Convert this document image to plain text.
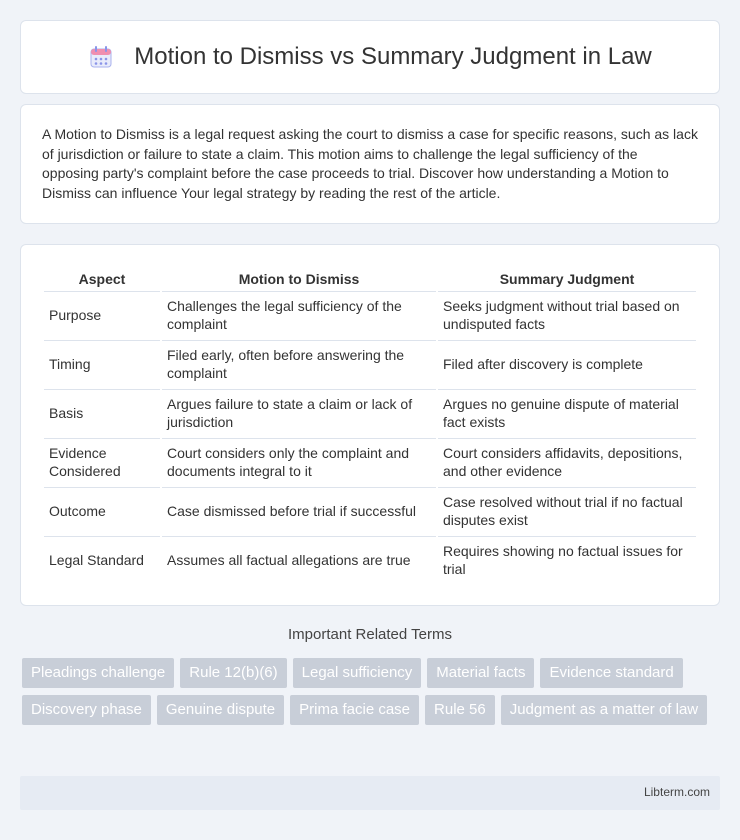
Motion to Dismiss vs Summary Judgment in Law

A Motion to Dismiss is a legal request asking the court to dismiss a case for specific reasons, such as lack of jurisdiction or failure to state a claim. This motion aims to challenge the legal sufficiency of the opposing party's complaint before the case proceeds to trial. Discover how understanding a Motion to Dismiss can influence Your legal strategy by reading the rest of the article.

Aspect	Motion to Dismiss	Summary Judgment
Purpose	Challenges the legal sufficiency of the complaint	Seeks judgment without trial based on undisputed facts
Timing	Filed early, often before answering the complaint	Filed after discovery is complete
Basis	Argues failure to state a claim or lack of jurisdiction	Argues no genuine dispute of material fact exists
Evidence Considered	Court considers only the complaint and documents integral to it	Court considers affidavits, depositions, and other evidence
Outcome	Case dismissed before trial if successful	Case resolved without trial if no factual disputes exist
Legal Standard	Assumes all factual allegations are true	Requires showing no factual issues for trial
Important Related Terms
Pleadings challenge	Rule 12(b)(6)	Legal sufficiency	Material facts	Evidence standard
Discovery phase	Genuine dispute	Prima facie case	Rule 56	Judgment as a matter of law
Libterm.com
